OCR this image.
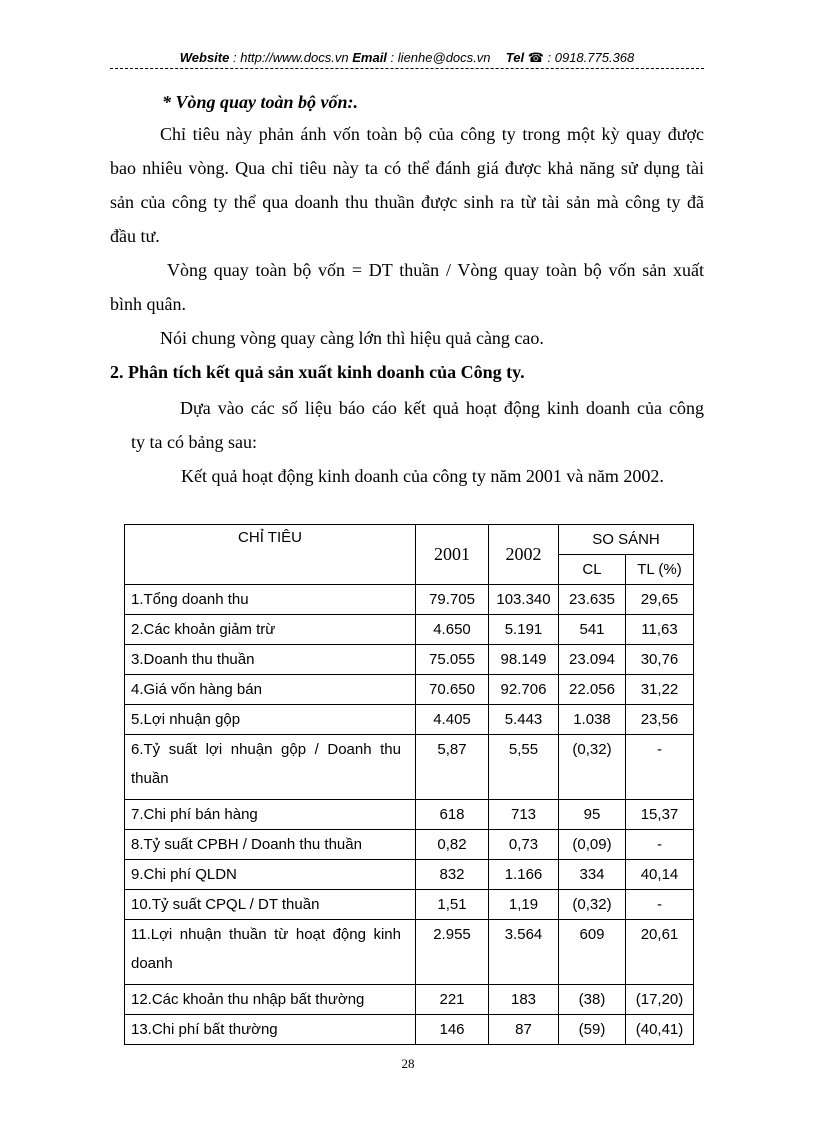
Website : http://www.docs.vn Email : lienhe@docs.vn Tel ☎ : 0918.775.368
* Vòng quay toàn bộ vốn:.
Chỉ tiêu này phản ánh vốn toàn bộ của công ty trong một kỳ quay được
bao nhiêu vòng. Qua chỉ tiêu này ta có thể đánh giá được khả năng sử dụng tài
sản của công ty thể qua doanh thu thuần được sinh ra từ tài sản mà công ty đã
đầu tư.
Vòng quay toàn bộ vốn = DT thuần / Vòng quay toàn bộ vốn sản xuất
bình quân.
Nói chung vòng quay càng lớn thì hiệu quả càng cao.
2. Phân tích kết quả sản xuất kinh doanh của Công ty.
Dựa vào các số liệu báo cáo kết quả hoạt động kinh doanh của công
ty ta có bảng sau:
Kết quả hoạt động kinh doanh của công ty năm 2001 và năm 2002.
CHỈ TIÊU	2001	2002	SO SÁNH	
			CL	TL (%)
1.Tổng doanh thu	79.705	103.340	23.635	29,65
2.Các khoản giảm trừ	4.650	5.191	541	11,63
3.Doanh thu thuần	75.055	98.149	23.094	30,76
4.Giá vốn hàng bán	70.650	92.706	22.056	31,22
5.Lợi nhuận gộp	4.405	5.443	1.038	23,56

6.Tỷ suất lợi nhuận gộp / Doanh thu thuần	5,87	5,55	(0,32)	-
7.Chi phí bán hàng	618	713	95	15,37
8.Tỷ suất CPBH / Doanh thu thuần	0,82	0,73	(0,09)	-
9.Chi phí QLDN	832	1.166	334	40,14
10.Tỷ suất CPQL / DT thuần	1,51	1,19	(0,32)	-

11.Lợi nhuận thuần từ hoạt động kinh doanh	2.955	3.564	609	20,61
12.Các khoản thu nhập bất thường	221	183	(38)	(17,20)
13.Chi phí bất thường	146	87	(59)	(40,41)
28
